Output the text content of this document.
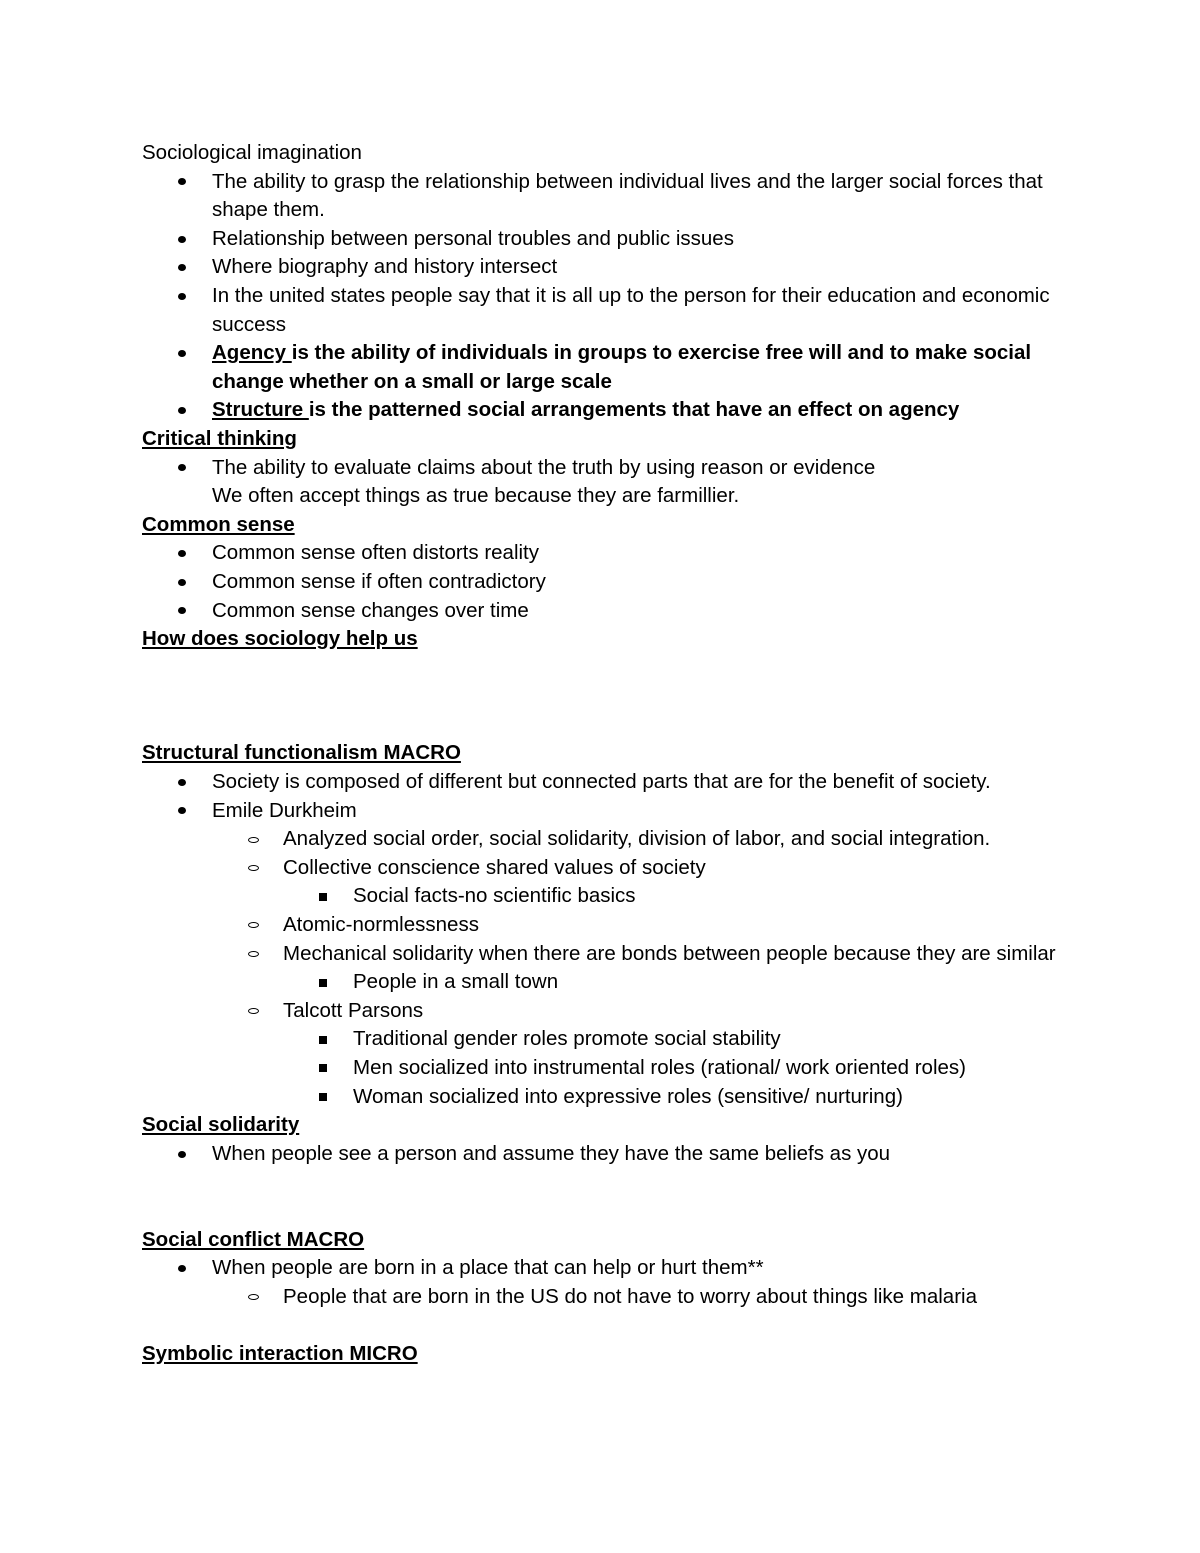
Sociological imagination
The ability to grasp the relationship between individual lives and the larger social forces that shape them.
Relationship between personal troubles and public issues
Where biography and history intersect
In the united states people say that it is all up to the person for their education and economic success
Agency is the ability of individuals in groups to exercise free will and to make social change whether on a small or large scale
Structure is the patterned social arrangements that have an effect on agency
Critical thinking
The ability to evaluate claims about the truth by using reason or evidence
We often accept things as true because they are farmillier.
Common sense
Common sense often distorts reality
Common sense if often contradictory
Common sense changes over time
How does sociology help us
Structural functionalism MACRO
Society is composed of different but connected parts that are for the benefit of society.
Emile Durkheim
Analyzed social order, social solidarity, division of labor, and social integration.
Collective conscience shared values of society
Social facts-no scientific basics
Atomic-normlessness
Mechanical solidarity when there are bonds between people because they are similar
People in a small town
Talcott Parsons
Traditional gender roles promote social stability
Men socialized into instrumental roles (rational/ work oriented roles)
Woman socialized into expressive roles (sensitive/ nurturing)
Social solidarity
When people see a person and assume they have the same beliefs as you
Social conflict MACRO
When people are born in a place that can help or hurt them**
People that are born in the US do not have to worry about things like malaria
Symbolic interaction MICRO
